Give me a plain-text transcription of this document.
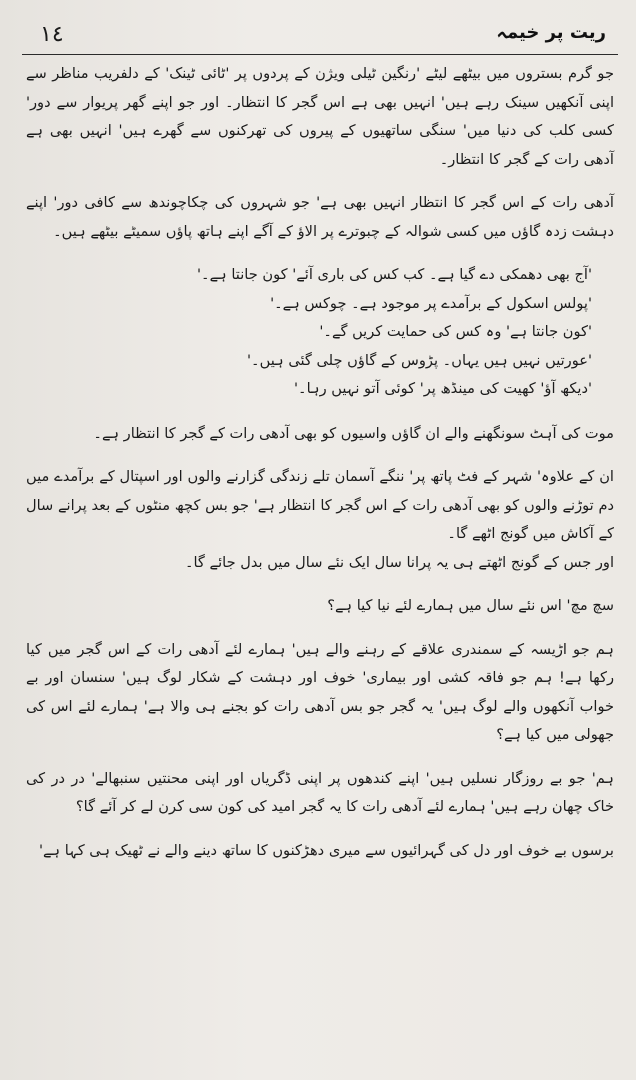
١٤	ریت پر خیمہ

جو گرم بستروں میں بیٹھے لیٹے 'رنگین ٹیلی ویژن کے پردوں پر 'ٹائی ٹینک' کے دلفریب مناظر سے اپنی آنکھیں سینک رہے ہیں' انہیں بھی ہے اس گجر کا انتظار۔ اور جو اپنے گھر پریوار سے دور' کسی کلب کی دنیا میں' سنگی ساتھیوں کے پیروں کی تھرکنوں سے گھرے ہیں' انہیں بھی ہے آدھی رات کے گجر کا انتظار۔

آدھی رات کے اس گجر کا انتظار انہیں بھی ہے' جو شہروں کی چکاچوندھ سے کافی دور' اپنے دہشت زدہ گاؤں میں کسی شوالہ کے چبوترے پر الاؤ کے آگے اپنے ہاتھ پاؤں سمیٹے بیٹھے ہیں۔

'آج بھی دھمکی دے گیا ہے۔ کب کس کی باری آئے' کون جانتا ہے۔'

'پولس اسکول کے برآمدے پر موجود ہے۔ چوکس ہے۔'

'کون جانتا ہے' وہ کس کی حمایت کریں گے۔'

'عورتیں نہیں ہیں یہاں۔ پڑوس کے گاؤں چلی گئی ہیں۔'

'دیکھ آؤ' کھیت کی مینڈھ پر' کوئی آتو نہیں رہا۔'

موت کی آہٹ سونگھنے والے ان گاؤں واسیوں کو بھی آدھی رات کے گجر کا انتظار ہے۔

ان کے علاوہ' شہر کے فٹ پاتھ پر' ننگے آسمان تلے زندگی گزارنے والوں اور اسپتال کے برآمدے میں دم توڑنے والوں کو بھی آدھی رات کے اس گجر کا انتظار ہے' جو بس کچھ منٹوں کے بعد پرانے سال کے آکاش میں گونج اٹھے گا۔

اور جس کے گونج اٹھتے ہی یہ پرانا سال ایک نئے سال میں بدل جائے گا۔

سچ مچ' اس نئے سال میں ہمارے لئے نیا کیا ہے؟

ہم جو اڑیسہ کے سمندری علاقے کے رہنے والے ہیں' ہمارے لئے آدھی رات کے اس گجر میں کیا رکھا ہے! ہم جو فاقہ کشی اور بیماری' خوف اور دہشت کے شکار لوگ ہیں' سنسان اور بے خواب آنکھوں والے لوگ ہیں' یہ گجر جو بس آدھی رات کو بجنے ہی والا ہے' ہمارے لئے اس کی جھولی میں کیا ہے؟

ہم' جو بے روزگار نسلیں ہیں' اپنے کندھوں پر اپنی ڈگریاں اور اپنی محنتیں سنبھالے' در در کی خاک چھان رہے ہیں' ہمارے لئے آدھی رات کا یہ گجر امید کی کون سی کرن لے کر آئے گا؟

برسوں بے خوف اور دل کی گہرائیوں سے میری دھڑکنوں کا ساتھ دینے والے نے ٹھیک ہی کہا ہے'
